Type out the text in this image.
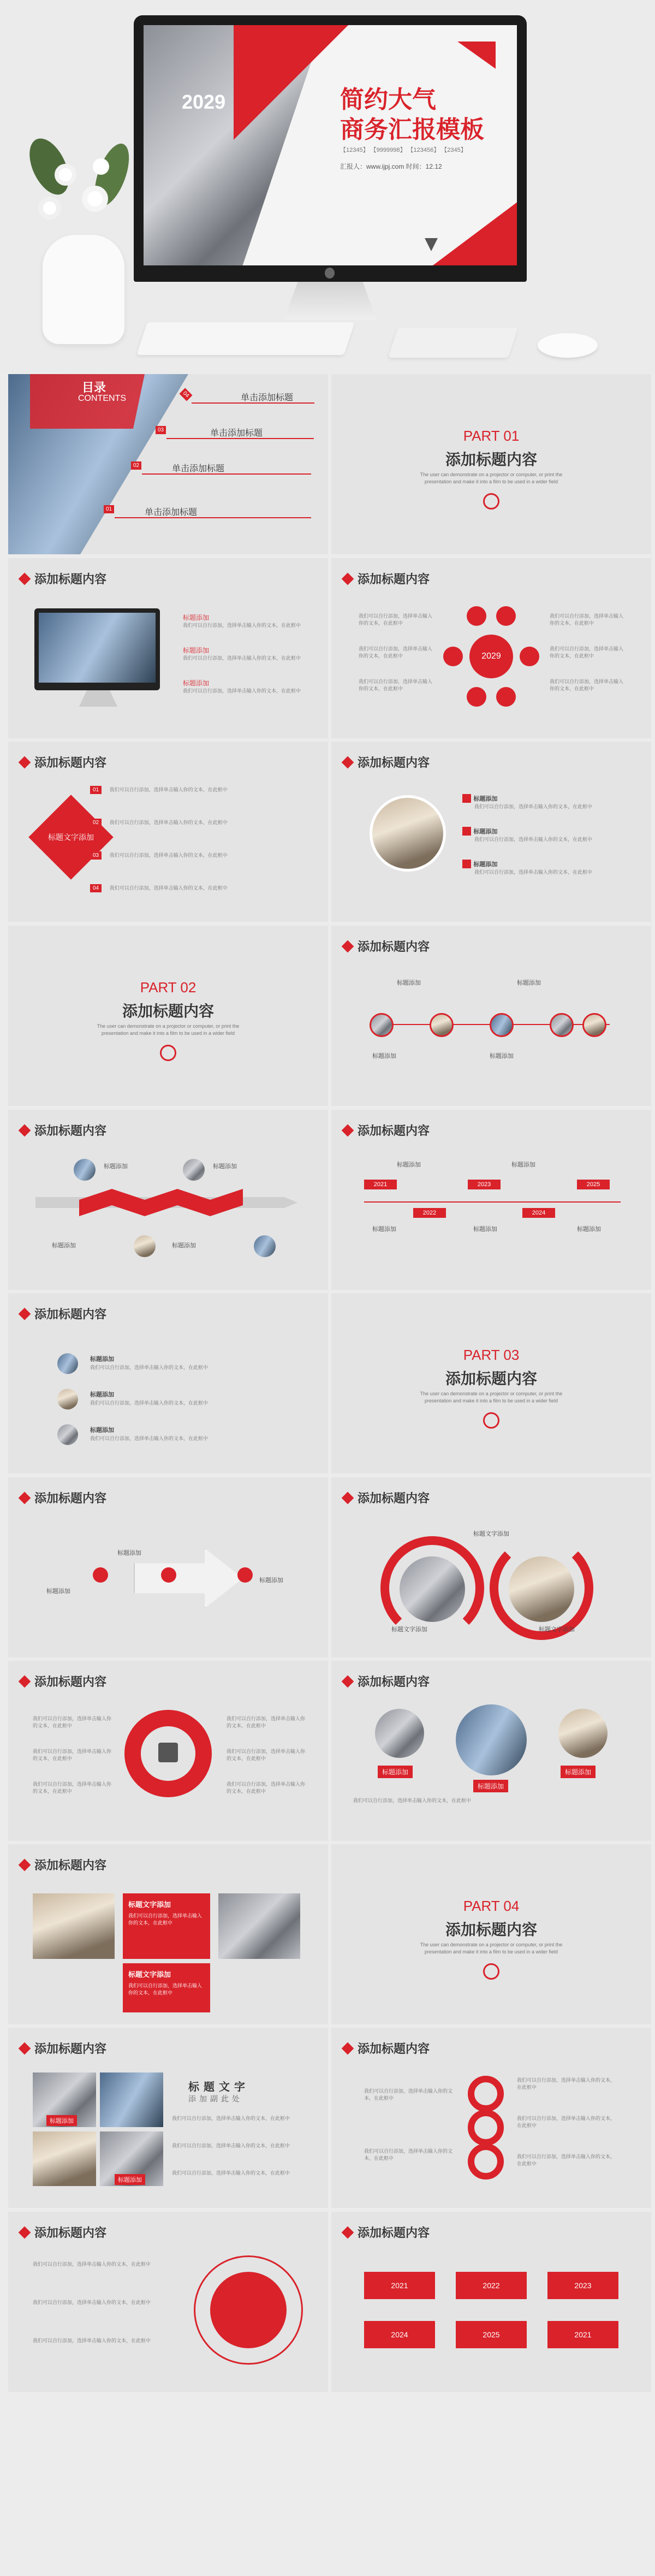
2029	简约大气
商务汇报模板
【12345】 【9999998】 【123456】 【2345】
汇报人：www.ijpj.com 时间：12.12
目录
CONTENTS	04	单击添加标题
03	单击添加标题
02	单击添加标题
01	单击添加标题
PART 01
添加标题内容
The user can demonstrate on a projector or computer, or print the presentation and make it into a film to be used in a wider field
添加标题内容
标题添加
我们可以自行添加，选择单击输入你的文本，在此框中
标题添加
我们可以自行添加，选择单击输入你的文本，在此框中
标题添加
我们可以自行添加，选择单击输入你的文本，在此框中
添加标题内容
2029
我们可以自行添加，选择单击输入你的文本，在此框中
我们可以自行添加，选择单击输入你的文本，在此框中
我们可以自行添加，选择单击输入你的文本，在此框中
我们可以自行添加，选择单击输入你的文本，在此框中
我们可以自行添加，选择单击输入你的文本，在此框中
我们可以自行添加，选择单击输入你的文本，在此框中
添加标题内容
标题文字添加
01 我们可以自行添加，选择单击输入你的文本，在此框中
02 我们可以自行添加，选择单击输入你的文本，在此框中
03 我们可以自行添加，选择单击输入你的文本，在此框中
04 我们可以自行添加，选择单击输入你的文本，在此框中
添加标题内容
标题添加
我们可以自行添加，选择单击输入你的文本，在此框中
标题添加
我们可以自行添加，选择单击输入你的文本，在此框中
标题添加
我们可以自行添加，选择单击输入你的文本，在此框中
PART 02
添加标题内容
The user can demonstrate on a projector or computer, or print the presentation and make it into a film to be used in a wider field
添加标题内容
标题添加	标题添加
标题添加	标题添加
添加标题内容
标题添加	标题添加
标题添加	标题添加
添加标题内容
2021
2022
2023
2024
2025
标题添加	标题添加
标题添加	标题添加	标题添加
添加标题内容
标题添加
我们可以自行添加，选择单击输入你的文本，在此框中
标题添加
我们可以自行添加，选择单击输入你的文本，在此框中
标题添加
我们可以自行添加，选择单击输入你的文本，在此框中
PART 03
添加标题内容
The user can demonstrate on a projector or computer, or print the presentation and make it into a film to be used in a wider field
添加标题内容
标题添加
标题添加
标题添加
添加标题内容
标题文字添加
标题文字添加	标题文字添加
添加标题内容
我们可以自行添加，选择单击输入你的文本，在此框中
我们可以自行添加，选择单击输入你的文本，在此框中
我们可以自行添加，选择单击输入你的文本，在此框中
我们可以自行添加，选择单击输入你的文本，在此框中
我们可以自行添加，选择单击输入你的文本，在此框中
我们可以自行添加，选择单击输入你的文本，在此框中
添加标题内容
标题添加
标题添加
标题添加
我们可以自行添加，选择单击输入你的文本，在此框中
添加标题内容
标题文字添加
我们可以自行添加，选择单击输入你的文本，在此框中
标题文字添加
我们可以自行添加，选择单击输入你的文本，在此框中
PART 04
添加标题内容
The user can demonstrate on a projector or computer, or print the presentation and make it into a film to be used in a wider field
添加标题内容
标题添加
标题添加
标题文字
添加副此处
我们可以自行添加，选择单击输入你的文本，在此框中
我们可以自行添加，选择单击输入你的文本，在此框中
我们可以自行添加，选择单击输入你的文本，在此框中
添加标题内容
我们可以自行添加，选择单击输入你的文本，在此框中
我们可以自行添加，选择单击输入你的文本，在此框中
我们可以自行添加，选择单击输入你的文本，在此框中
我们可以自行添加，选择单击输入你的文本，在此框中
我们可以自行添加，选择单击输入你的文本，在此框中
添加标题内容
我们可以自行添加，选择单击输入你的文本，在此框中
我们可以自行添加，选择单击输入你的文本，在此框中
我们可以自行添加，选择单击输入你的文本，在此框中
添加标题内容
2021	2022	2023
2024	2025	2021
